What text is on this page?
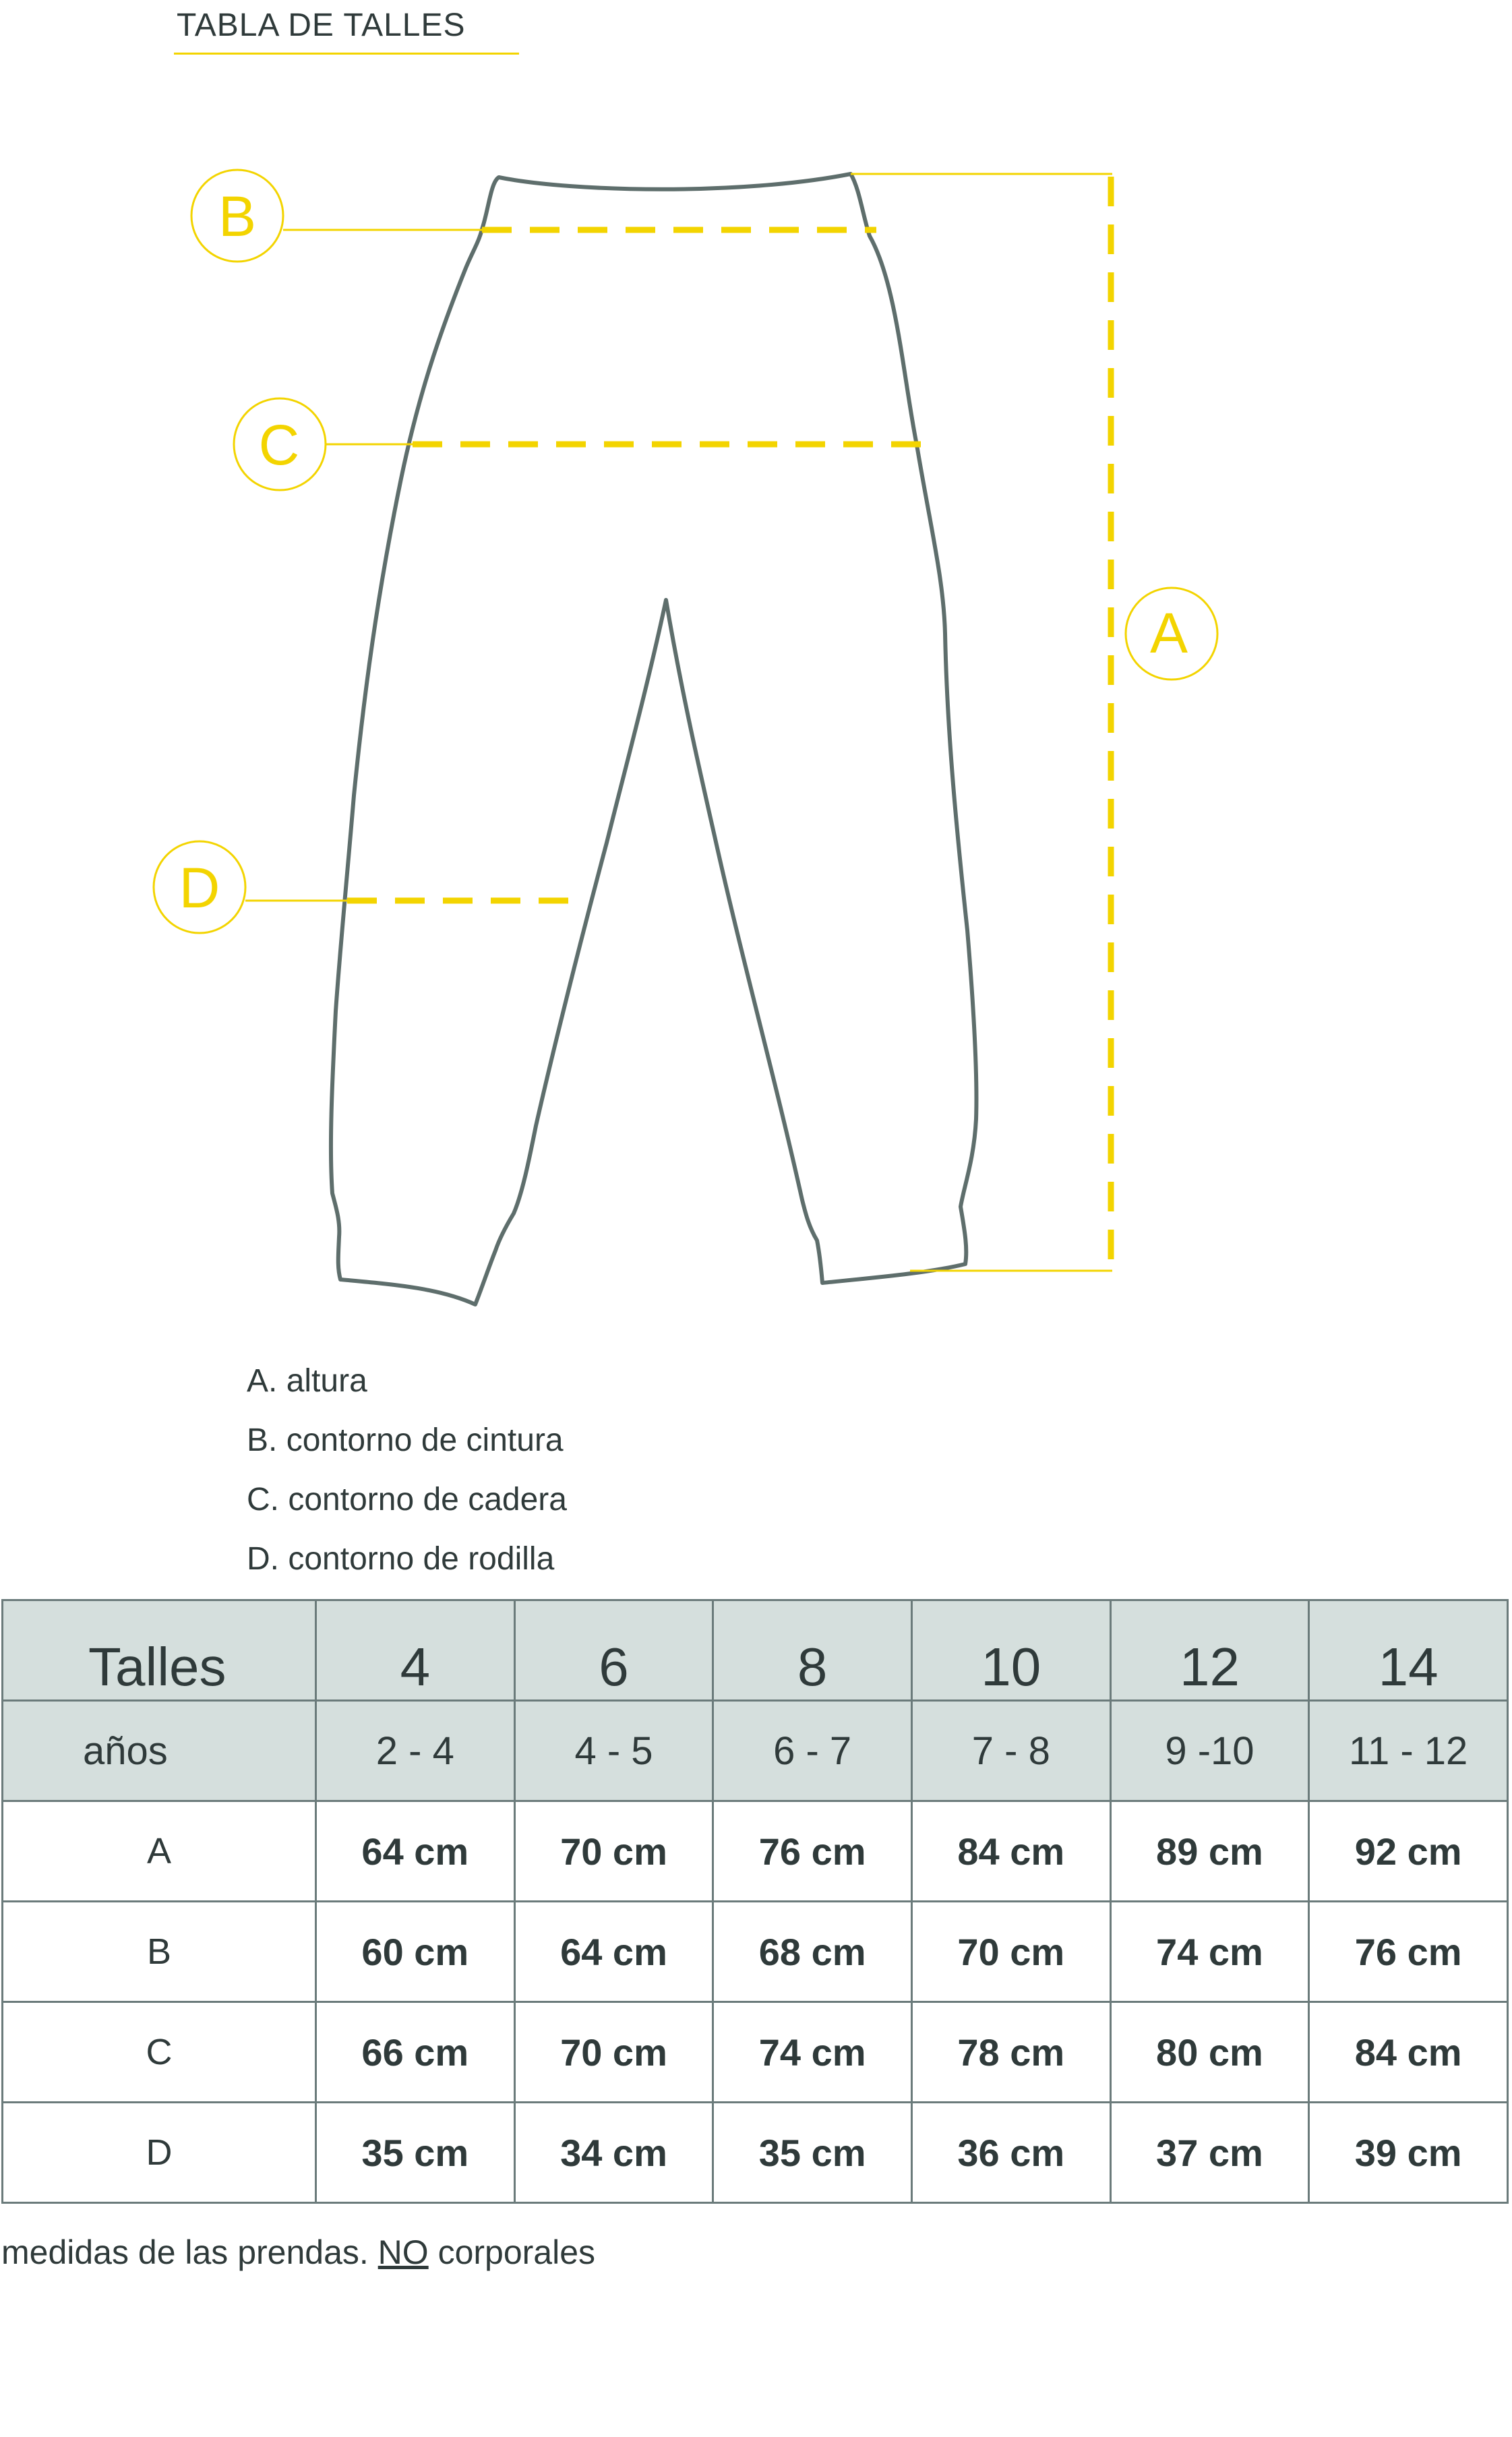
TABLA DE TALLES
A
B
C
D
A. altura
B. contorno de cintura
C. contorno de cadera
D. contorno de rodilla
Talles	4	6	8	10	12	14
años	2 - 4	4 - 5	6 - 7	7 - 8	9 -10	11 - 12
A	64 cm	70 cm	76 cm	84 cm	89 cm	92 cm
B	60 cm	64 cm	68 cm	70 cm	74 cm	76 cm
C	66 cm	70 cm	74 cm	78 cm	80 cm	84 cm
D	35 cm	34 cm	35 cm	36 cm	37 cm	39 cm
medidas de las prendas. NO corporales
